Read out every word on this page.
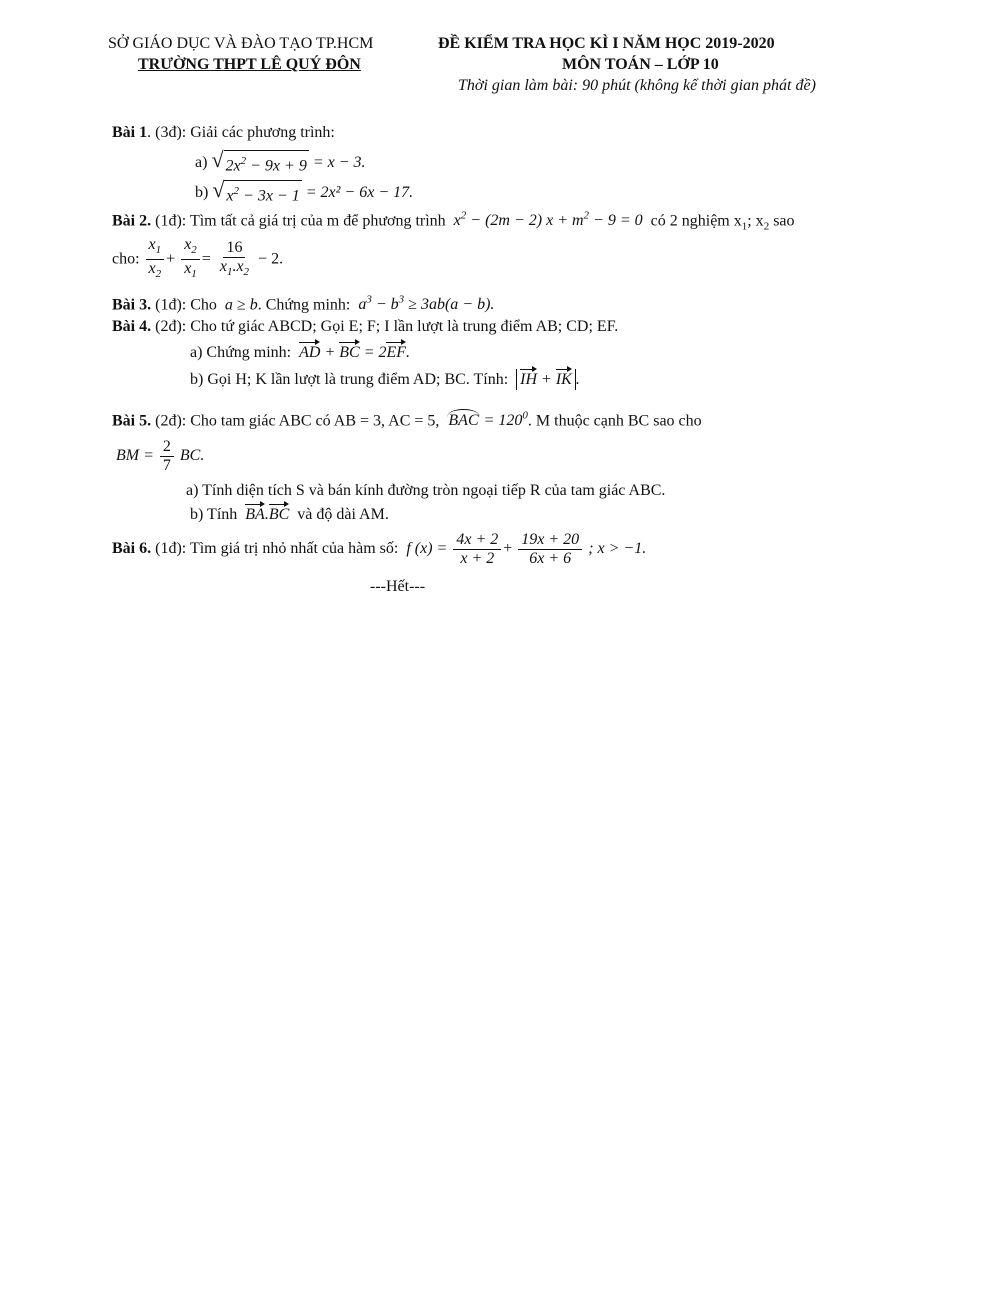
SỞ GIÁO DỤC VÀ ĐÀO TẠO TP.HCM
TRƯỜNG THPT LÊ QUÝ ĐÔN
ĐỀ KIỂM TRA HỌC KÌ I NĂM HỌC 2019-2020
MÔN TOÁN – LỚP 10
Thời gian làm bài: 90 phút (không kể thời gian phát đề)
Bài 1. (3đ): Giải các phương trình:
a) √ $2x^2 - 9x + 9 = x - 3$.
b) √ $x^2 - 3x - 1 = 2x^2 - 6x - 17$.
Bài 2. (1đ): Tìm tất cả giá trị của m để phương trình  $x^2 - (2m - 2) x + m^2 - 9 = 0$  có 2 nghiệm $x_1$; $x_2$ sao
cho: $\frac{x_1}{x_2} + \frac{x_2}{x_1} = \frac{16}{x_1.x_2} - 2$.
Bài 3. (1đ): Cho  a ≥ b. Chứng minh:  $a^3 - b^3 \ge 3ab(a - b)$.
Bài 4. (2đ): Cho tứ giác ABCD; Gọi E; F; I lần lượt là trung điểm AB; CD; EF.
a) Chứng minh: AD + BC = 2EF.
b) Gọi H; K lần lượt là trung điểm AD; BC. Tính: IH + IK .
Bài 5. (2đ): Cho tam giác ABC có AB = 3, AC = 5, BAC = $120^0$. M thuộc cạnh BC sao cho
BM = $\frac{2}{7}$ BC.
a) Tính diện tích S và bán kính đường tròn ngoại tiếp R của tam giác ABC.
b) Tính BA.BC và độ dài AM.
Bài 6. (1đ): Tìm giá trị nhỏ nhất của hàm số:  f $(x) = \frac{4x + 2}{x + 2} + \frac{19x + 20}{6x + 6}$ ; x > −1.
---Hết---
